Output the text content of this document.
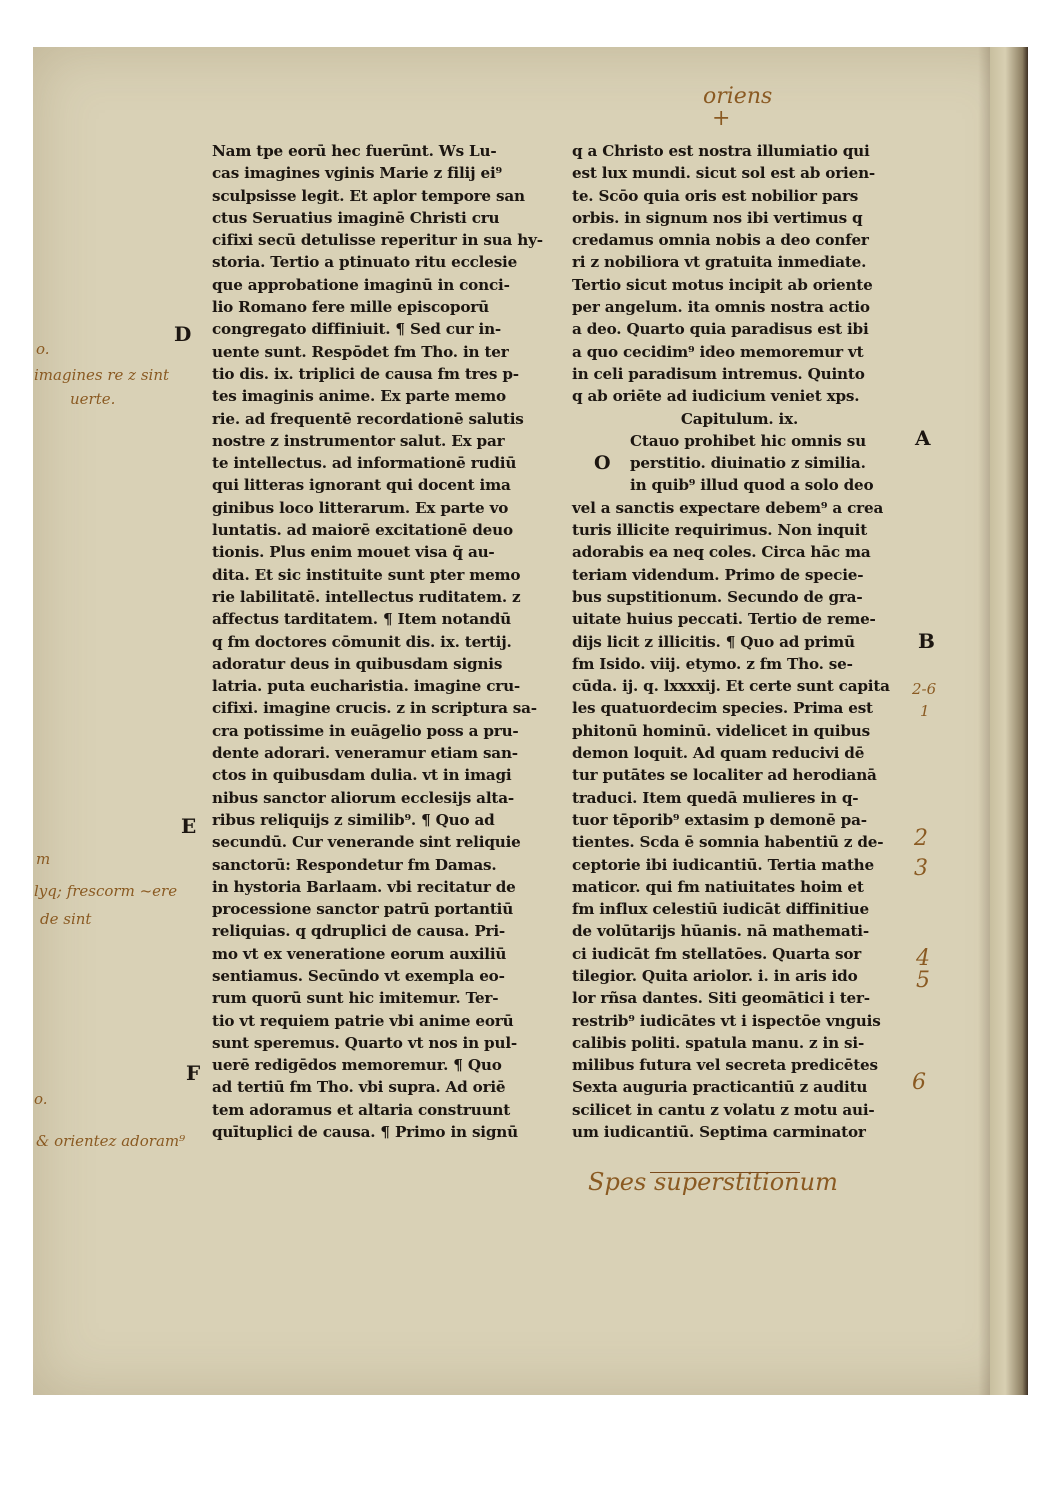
oriens
+
Nam tpe eorū hec fuerūnt. Ws Lu-
cas imagines vginis Marie z filij ei⁹
sculpsisse legit. Et aplor tempore san
ctus Seruatius imaginē Christi cru
cifixi secū detulisse reperitur in sua hy-
storia. Tertio a ptinuato ritu ecclesie
que approbatione imaginū in conci-
lio Romano fere mille episcoporū
congregato diffiniuit. ¶ Sed cur in-
uente sunt. Respōdet fm Tho. in ter
tio dis. ix. triplici de causa fm tres p-
tes imaginis anime. Ex parte memo
rie. ad frequentē recordationē salutis
nostre z instrumentor salut. Ex par
te intellectus. ad informationē rudiū
qui litteras ignorant qui docent ima
ginibus loco litterarum. Ex parte vo
luntatis. ad maiorē excitationē deuo
tionis. Plus enim mouet visa q̄ au-
dita. Et sic instituite sunt pter memo
rie labilitatē. intellectus ruditatem. z
affectus tarditatem. ¶ Item notandū
q fm doctores cōmunit dis. ix. tertij.
adoratur deus in quibusdam signis
latria. puta eucharistia. imagine cru-
cifixi. imagine crucis. z in scriptura sa-
cra potissime in euāgelio poss a pru-
dente adorari. veneramur etiam san-
ctos in quibusdam dulia. vt in imagi
nibus sanctor aliorum ecclesijs alta-
ribus reliquijs z similib⁹. ¶ Quo ad
secundū. Cur venerande sint reliquie
sanctorū: Respondetur fm Damas.
in hystoria Barlaam. vbi recitatur de
processione sanctor patrū portantiū
reliquias. q qdruplici de causa. Pri-
mo vt ex veneratione eorum auxiliū
sentiamus. Secūndo vt exempla eo-
rum quorū sunt hic imitemur. Ter-
tio vt requiem patrie vbi anime eorū
sunt speremus. Quarto vt nos in pul-
uerē redigēdos memoremur. ¶ Quo
ad tertiū fm Tho. vbi supra. Ad oriē
tem adoramus et altaria construunt
quītuplici de causa. ¶ Primo in signū
q a Christo est nostra illumiatio qui
est lux mundi. sicut sol est ab orien-
te. Scōo quia oris est nobilior pars
orbis. in signum nos ibi vertimus q
credamus omnia nobis a deo confer
ri z nobiliora vt gratuita inmediate.
Tertio sicut motus incipit ab oriente
per angelum. ita omnis nostra actio
a deo. Quarto quia paradisus est ibi
a quo cecidim⁹ ideo memoremur vt
in celi paradisum intremus. Quinto
q ab oriēte ad iudicium veniet xps.
Capitulum. ix.
Ctauo prohibet hic omnis su
perstitio. diuinatio z similia.
in quib⁹ illud quod a solo deo
vel a sanctis expectare debem⁹ a crea
turis illicite requirimus. Non inquit
adorabis ea neq coles. Circa hāc ma
teriam videndum. Primo de specie-
bus supstitionum. Secundo de gra-
uitate huius peccati. Tertio de reme-
dijs licit z illicitis. ¶ Quo ad primū
fm Isido. viij. etymo. z fm Tho. se-
cūda. ij. q. lxxxxij. Et certe sunt capita
les quatuordecim species. Prima est
phitonū hominū. videlicet in quibus
demon loquit. Ad quam reducivi dē
tur putātes se localiter ad herodianā
traduci. Item quedā mulieres in q-
tuor tēporib⁹ extasim p demonē pa-
tientes. Scda ē somnia habentiū z de-
ceptorie ibi iudicantiū. Tertia mathe
maticor. qui fm natiuitates hoim et
fm influx celestiū iudicāt diffinitiue
de volūtarijs hūanis. nā mathemati-
ci iudicāt fm stellatōes. Quarta sor
tilegior. Quita ariolor. i. in aris ido
lor rñsa dantes. Siti geomātici i ter-
restrib⁹ iudicātes vt i ispectōe vnguis
calibis politi. spatula manu. z in si-
milibus futura vel secreta predicētes
Sexta auguria practicantiū z auditu
scilicet in cantu z volatu z motu aui-
um iudicantiū. Septima carminator
O
D
E
F
A
B
o.
imagines re z sint
uerte.
m
lyq; frescorm ~ere
de sint
o.
& orientez adoram⁹
2-6
1
2
3
4
5
6
Spes superstitionum
